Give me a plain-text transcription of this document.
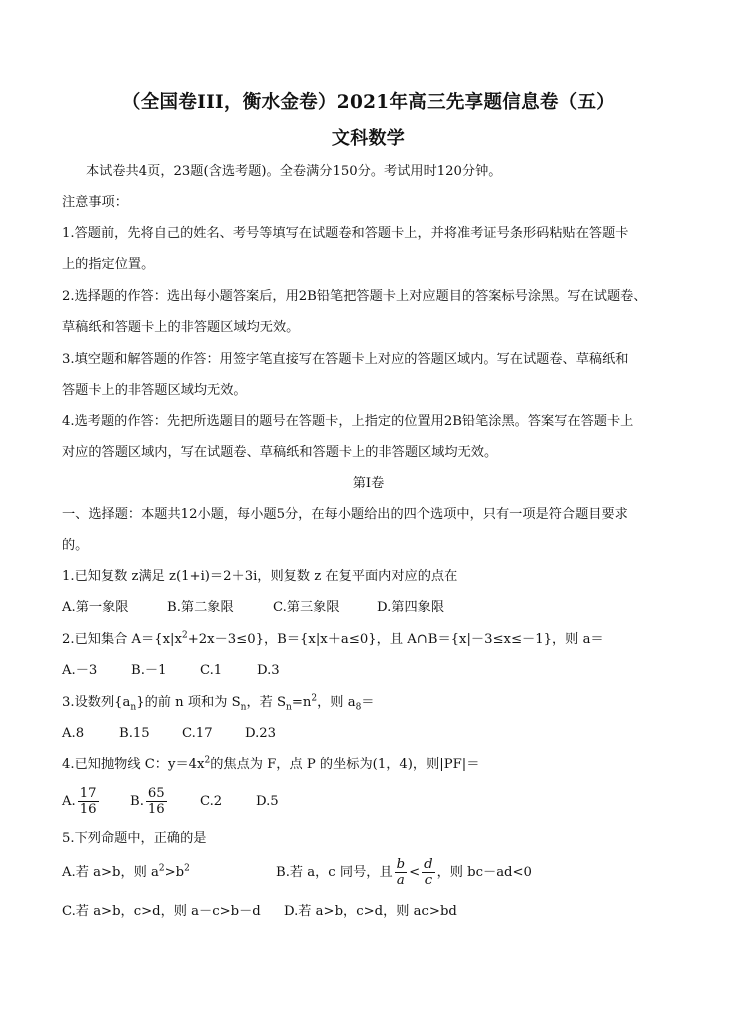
（全国卷III，衡水金卷）2021年高三先享题信息卷（五）
文科数学
本试卷共4页，23题(含选考题)。全卷满分150分。考试用时120分钟。
注意事项：
1.答题前，先将自己的姓名、考号等填写在试题卷和答题卡上，并将准考证号条形码粘贴在答题卡
上的指定位置。
2.选择题的作答：选出每小题答案后，用2B铅笔把答题卡上对应题目的答案标号涂黑。写在试题卷、
草稿纸和答题卡上的非答题区域均无效。
3.填空题和解答题的作答：用签字笔直接写在答题卡上对应的答题区域内。写在试题卷、草稿纸和
答题卡上的非答题区域均无效。
4.选考题的作答：先把所选题目的题号在答题卡，上指定的位置用2B铅笔涂黑。答案写在答题卡上
对应的答题区域内，写在试题卷、草稿纸和答题卡上的非答题区域均无效。
第I卷
一、选择题：本题共12小题，每小题5分，在每小题给出的四个选项中，只有一项是符合题目要求
的。
1.已知复数 z满足 z(1+i)＝2＋3i，则复数 z 在复平面内对应的点在
A.第一象限	B.第二象限	C.第三象限	D.第四象限
2.已知集合 $A=\{x|x^2+2x-3\le 0\}$，B＝{x|x＋a≤0}，且 A∩B＝{x|－3≤x≤－1}，则 a＝
A.－3	B.－1	C.1	D.3
3.设数列$\{a_n\}$的前 n 项和为 $S_n$，若 $S_n=n^2$，则 $a_8=$
A.8	B.15 C.17 D.23
4.已知抛物线 C：$y=4x^2$的焦点为 F，点 P 的坐标为(1，4)，则|PF|＝
A. $\frac{17}{16} B$. $\frac{65}{16}$	C.2	D.5
5.下列命题中，正确的是
A.若 a>b，则 $a^2>b^2$	B.若 a，c 同号，且 $\frac{b}{a} < \frac{d}{c}$ ，则 bc－ad<0
C.若 a>b，c>d，则 a－c>b－d D.若 a>b，c>d，则 ac>bd
